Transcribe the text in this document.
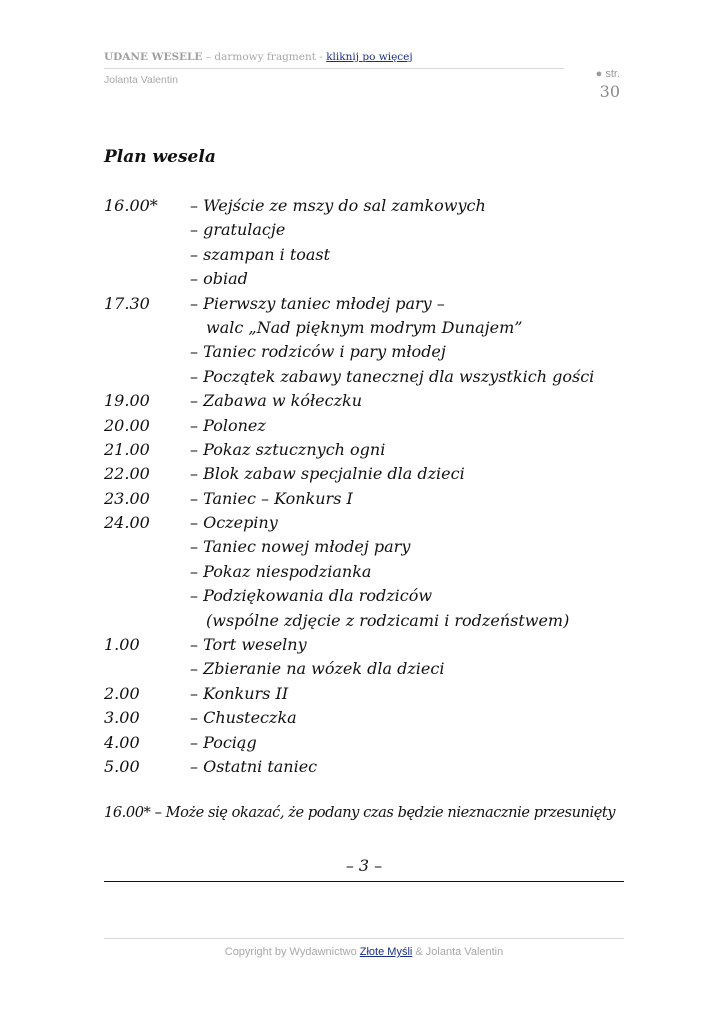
UDANE WESELE – darmowy fragment - kliknij po więcej
Jolanta Valentin	● str.
30
Plan wesela
16.00*	– Wejście ze mszy do sal zamkowych
– gratulacje
– szampan i toast
– obiad
17.30	– Pierwszy taniec młodej pary –
walc „Nad pięknym modrym Dunajem”
– Taniec rodziców i pary młodej
– Początek zabawy tanecznej dla wszystkich gości
19.00	– Zabawa w kółeczku
20.00	– Polonez
21.00	– Pokaz sztucznych ogni
22.00	– Blok zabaw specjalnie dla dzieci
23.00	– Taniec – Konkurs I
24.00	– Oczepiny
– Taniec nowej młodej pary
– Pokaz niespodzianka
– Podziękowania dla rodziców
(wspólne zdjęcie z rodzicami i rodzeństwem)
1.00	– Tort weselny
– Zbieranie na wózek dla dzieci
2.00	– Konkurs II
3.00	– Chusteczka
4.00	– Pociąg
5.00	– Ostatni taniec
16.00* – Może się okazać, że podany czas będzie nieznacznie przesunięty
– 3 –
Copyright by Wydawnictwo Złote Myśli & Jolanta Valentin
